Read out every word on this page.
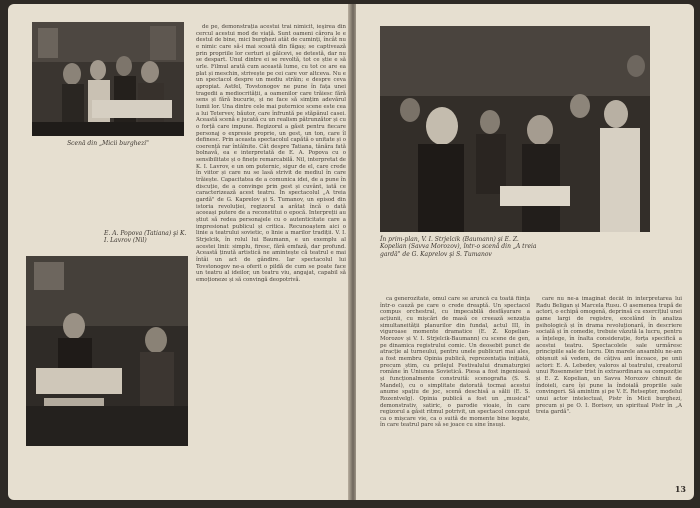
Scenă din „Micii burghezi"
E. A. Popova (Tatiana) şi K. I. Lavrov (Nil)

de pe, demonstrația acestui trai nimicit, ieşirea din cercul acestui mod de viață. Sunt oameni cărora le e destul de bine, mici burghezi atât de cuminți, încât nu e nimic care să-i mai scoată din făgaș; se captivează prin propriile lor certuri și gâlcevi, se detestă, dar nu se despart. Unul dintre ei se revoltă, tot ce știe e să urle. Filmul arată cum această lume, cu tot ce are ea plat și meschin, strivește pe cei care vor altceva. Nu e un spectacol despre un mediu străin; e despre ceva apropiat. Astfel, Tovstonogov ne pune în fața unei tragedii a mediocrității, a oamenilor care trăiesc fără sens și fără bucurie, și ne face să simțim adevărul lumii lor. Una dintre cele mai puternice scene este cea a lui Tetervev, băutor, care înfruntă pe stăpânul casei. Această scenă e jucată cu un realism pătrunzător și cu o forță care impune. Regizorul a găsit pentru fiecare personaj o expresie proprie, un gest, un ton, care îl definesc. Prin aceasta spectacolul capătă o unitate și o coerență rar întâlnite. Cât despre Tatiana, tânăra fată bolnavă, ea e interpretată de E. A. Popova cu o sensibilitate și o finețe remarcabilă. Nil, interpretat de K. I. Lavrov, e un om puternic, sigur de el, care crede în viitor și care nu se lasă strivit de mediul în care trăiește. Capacitatea de a comunica idei, de a pune în discuție, de a convinge prin gest și cuvânt, iată ce caracterizează acest teatru. În spectacolul „A treia gardă" de G. Kaprelov și S. Tumanov, un episod din istoria revoluției, regizorul a arătat încă o dată aceeași putere de a reconstitui o epocă. Interpreții au știut să redea personajele cu o autenticitate care a impresionat publicul și critica. Recunoaștem aici o linie a teatrului sovietic, o linie a marilor tradiții. V. I. Strjelcik, în rolul lui Baumann, e un exemplu al acestei linii: simplu, firesc, fără emfază, dar profund. Această ținută artistică ne amintește că teatrul e mai întâi un act de gândire. Iar spectacolul lui Tovstonogov ne-a oferit o pildă de cum se poate face un teatru al ideilor, un teatru viu, angajat, capabil să emoționeze și să convingă deopotrivă.

În prim-plan, V. I. Strjelcik (Baumann) şi E. Z. Kopelian (Savva Morozov), într-o scenă din „A treia gardă" de G. Kaprelov şi S. Tumanov

ca generozitate, omul care se aruncă cu toată ființa într-o cauză pe care o crede dreaptă. Un spectacol compus orchestral, cu impecabilă desfășurare a acțiunii, cu mișcări de masă ce creează senzația simultaneității planurilor din fundal, actul III, în viguroase momente dramatice (E. Z. Kopelian-Morozov și V. I. Strjelcik-Baumann) cu scene de gen, pe dinamica registrului comic. Un deosebit punct de atracție al turneului, pentru unele publicuri mai ales, a fost membru Opinia publică, reprezentația inițiată, precum știm, cu prilejul Festivalului dramaturgiei române în Uniunea Sovietică. Piesa a fost ingenioasă și funcționalmente construită: scenografia (S. S. Mandel), cu o simplitate datorată tocmai acestui anume spațiu de joc, scenă deschisă a sălii (E. S. Rozentvelg). Opinia publică a fost un „musical" demonstrativ, satiric, o parodie vioaie, în care regizorul a găsit ritmul potrivit, un spectacol conceput ca o mișcare vie, ca o suită de momente bine legate, în care teatrul pare să se joace cu sine însuși.

care nu ne-a imaginat decât în interpretarea lui Radu Beligan și Marcela Rusu. O asemenea trupă de actori, o echipă omogenă, deprinsă cu exercițiul unei game largi de registre, excelând în analiza psihologică și în drama revoluționară, în descriere socială și în comedie, trebuie văzută la lucru, pentru a înțelege, în înalta considerație, forța specifică a acestui teatru. Spectacolele sale urmăresc principiile sale de lucru. Din marele ansamblu ne-am obișnuit să vedem, de câțiva ani încoace, pe unii actori: E. A. Lebedev, valoros al teatrului, creatorul unui Rosenmeier trist în extraordinara sa compoziție și E. Z. Kopelian, un Savva Morozov chinuit de îndoieli, care își pune la îndoială propriile sale convingeri. Să amintim și pe V. E. Retsepter, modelul unui actor intelectual, Pistr în Micii burghezi, precum și pe O. I. Borisov, un spiritual Pistr în „A treia gardă".

13
